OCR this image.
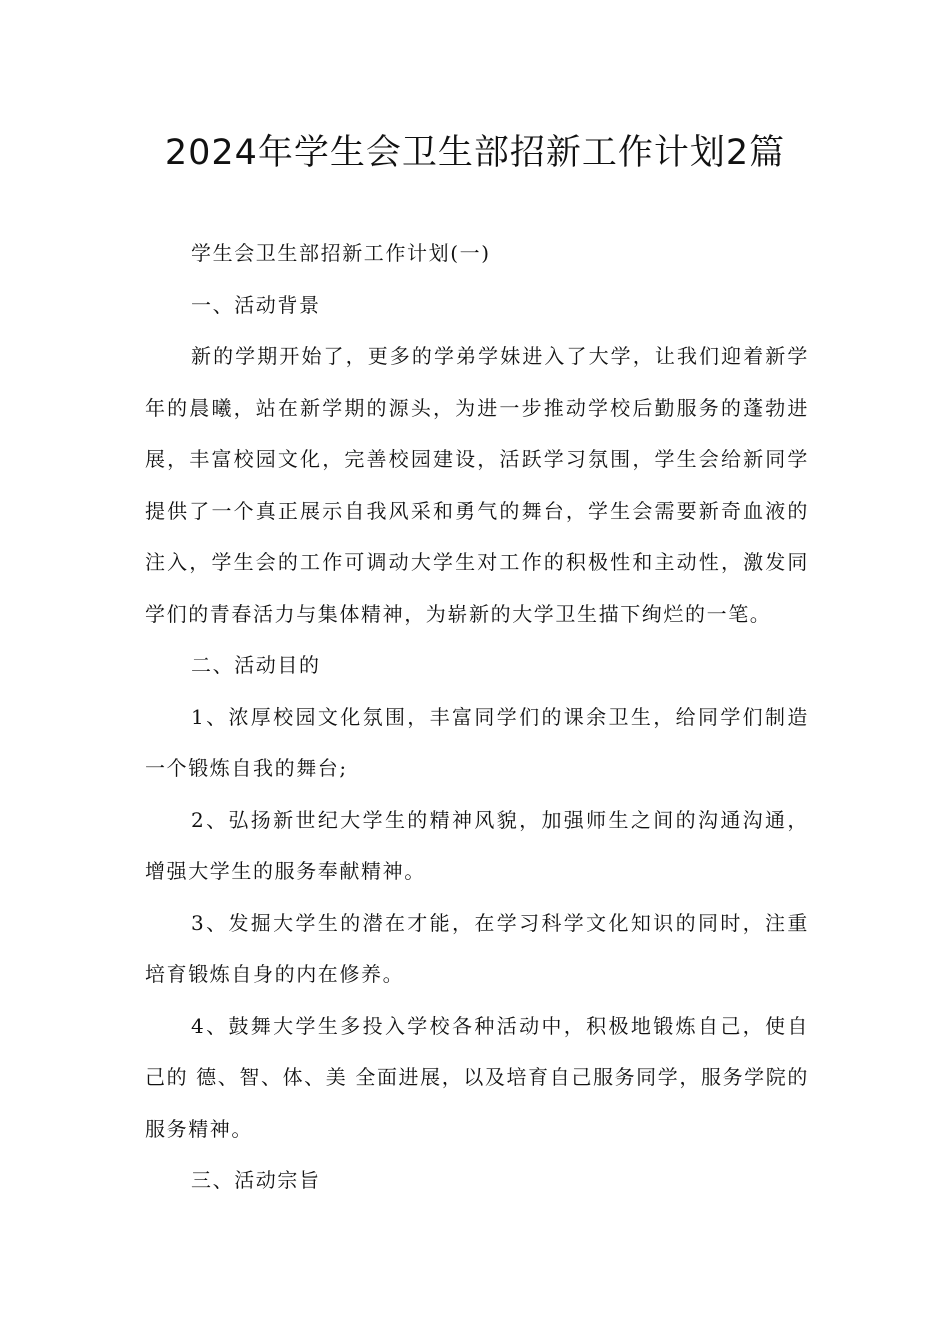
2024年学生会卫生部招新工作计划2篇

学生会卫生部招新工作计划(一)

一、活动背景

新的学期开始了，更多的学弟学妹进入了大学，让我们迎着新学年的晨曦，站在新学期的源头，为进一步推动学校后勤服务的蓬勃进展，丰富校园文化，完善校园建设，活跃学习氛围，学生会给新同学提供了一个真正展示自我风采和勇气的舞台，学生会需要新奇血液的注入，学生会的工作可调动大学生对工作的积极性和主动性，激发同学们的青春活力与集体精神，为崭新的大学卫生描下绚烂的一笔。

二、活动目的

1、浓厚校园文化氛围，丰富同学们的课余卫生，给同学们制造一个锻炼自我的舞台;

2、弘扬新世纪大学生的精神风貌，加强师生之间的沟通沟通，增强大学生的服务奉献精神。

3、发掘大学生的潜在才能，在学习科学文化知识的同时，注重培育锻炼自身的内在修养。

4、鼓舞大学生多投入学校各种活动中，积极地锻炼自己，使自己的 德、智、体、美 全面进展，以及培育自己服务同学，服务学院的服务精神。

三、活动宗旨
